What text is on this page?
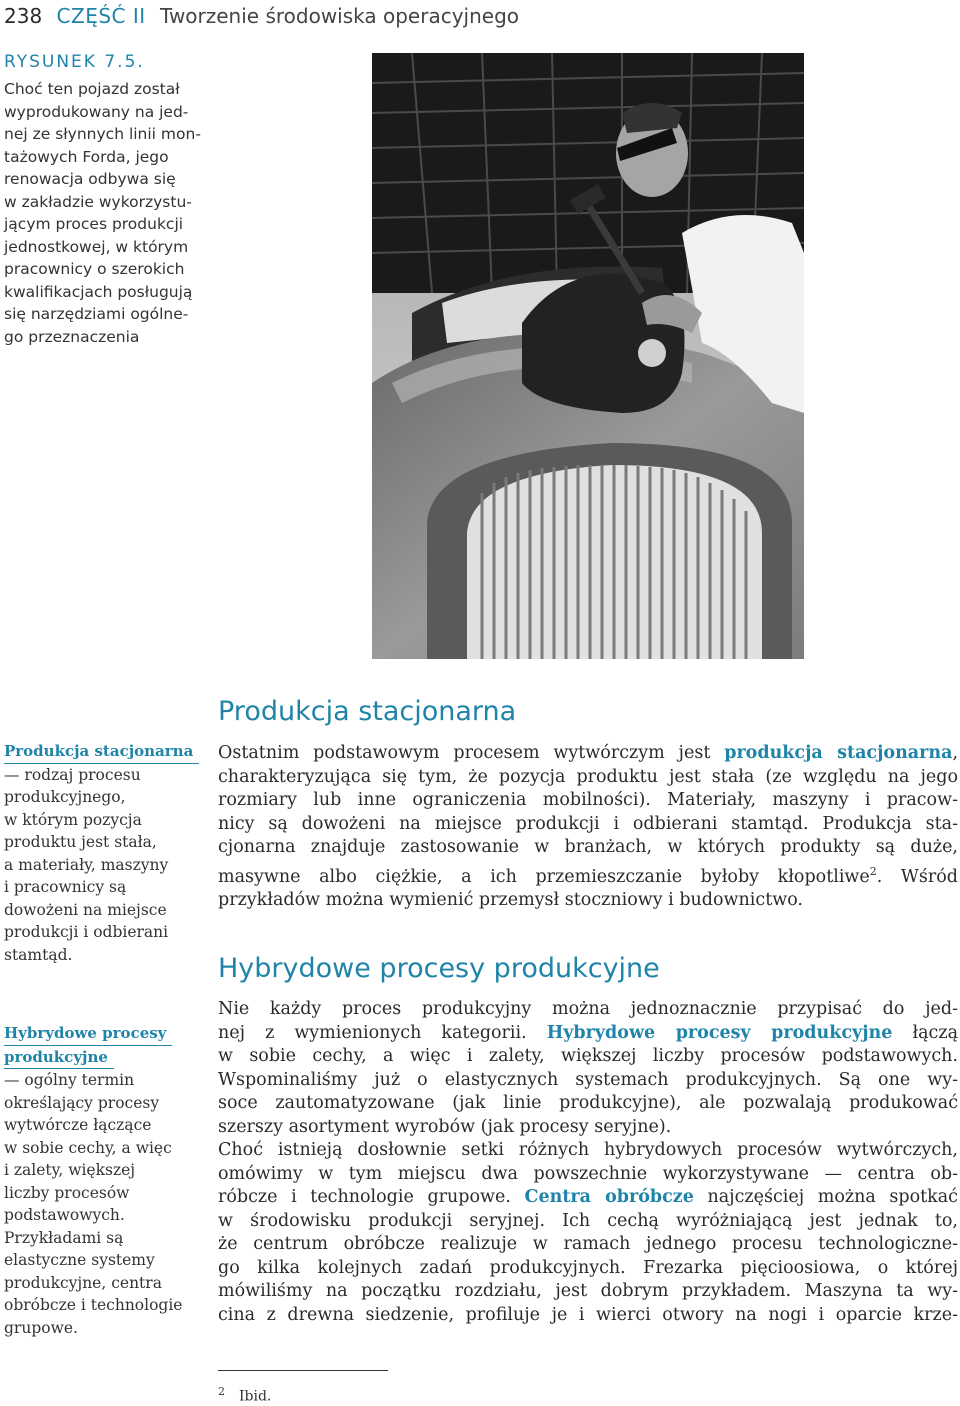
238 CZĘŚĆ II Tworzenie środowiska operacyjnego
RYSUNEK 7.5.
Choć ten pojazd został
wyprodukowany na jed-
nej ze słynnych linii mon-
tażowych Forda, jego
renowacja odbywa się
w zakładzie wykorzystu-
jącym proces produkcji
jednostkowej, w którym
pracownicy o szerokich
kwalifikacjach posługują
się narzędziami ogólne-
go przeznaczenia
Produkcja stacjonarna
— rodzaj procesu
produkcyjnego,
w którym pozycja
produktu jest stała,
a materiały, maszyny
i pracownicy są
dowożeni na miejsce
produkcji i odbierani
stamtąd.
Hybrydowe procesy
produkcyjne
— ogólny termin
określający procesy
wytwórcze łączące
w sobie cechy, a więc
i zalety, większej
liczby procesów
podstawowych.
Przykładami są
elastyczne systemy
produkcyjne, centra
obróbcze i technologie
grupowe.
Produkcja stacjonarna
Ostatnim podstawowym procesem wytwórczym jest produkcja stacjonarna,
charakteryzująca się tym, że pozycja produktu jest stała (ze względu na jego
rozmiary lub inne ograniczenia mobilności). Materiały, maszyny i pracow-
nicy są dowożeni na miejsce produkcji i odbierani stamtąd. Produkcja sta-
cjonarna znajduje zastosowanie w branżach, w których produkty są duże,
masywne albo ciężkie, a ich przemieszczanie byłoby kłopotliwe$^2$. Wśród
przykładów można wymienić przemysł stoczniowy i budownictwo.
Hybrydowe procesy produkcyjne
Nie każdy proces produkcyjny można jednoznacznie przypisać do jed-
nej z wymienionych kategorii. Hybrydowe procesy produkcyjne łączą
w sobie cechy, a więc i zalety, większej liczby procesów podstawowych.
Wspominaliśmy już o elastycznych systemach produkcyjnych. Są one wy-
soce zautomatyzowane (jak linie produkcyjne), ale pozwalają produkować
szerszy asortyment wyrobów (jak procesy seryjne).
Choć istnieją dosłownie setki różnych hybrydowych procesów wytwórczych,
omówimy w tym miejscu dwa powszechnie wykorzystywane — centra ob-
róbcze i technologie grupowe. Centra obróbcze najczęściej można spotkać
w środowisku produkcji seryjnej. Ich cechą wyróżniającą jest jednak to,
że centrum obróbcze realizuje w ramach jednego procesu technologiczne-
go kilka kolejnych zadań produkcyjnych. Frezarka pięcioosiowa, o której
mówiliśmy na początku rozdziału, jest dobrym przykładem. Maszyna ta wy-
cina z drewna siedzenie, profiluje je i wierci otwory na nogi i oparcie krze-
$^2$ Ibid.
